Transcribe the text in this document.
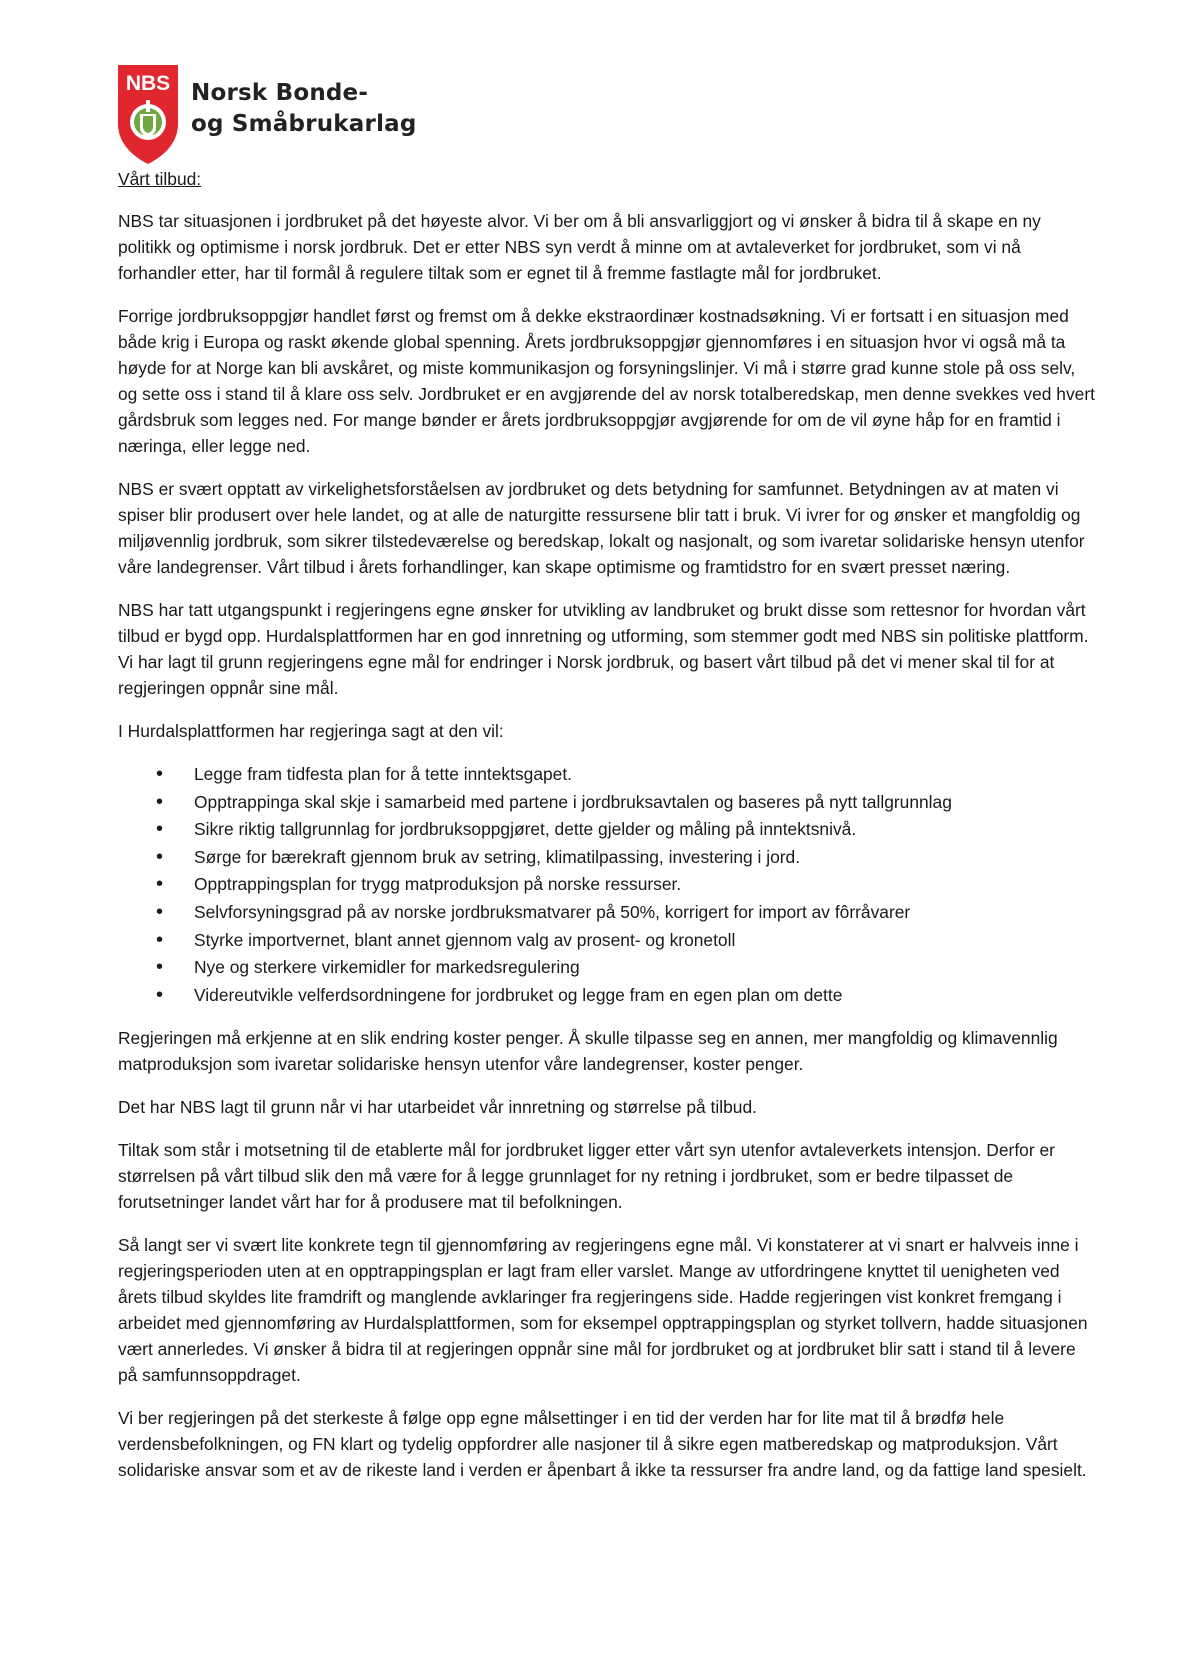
NBS Norsk Bonde-
og Småbrukarlag
Vårt tilbud:

NBS tar situasjonen i jordbruket på det høyeste alvor. Vi ber om å bli ansvarliggjort og vi ønsker å bidra til å skape en ny politikk og optimisme i norsk jordbruk. Det er etter NBS syn verdt å minne om at avtaleverket for jordbruket, som vi nå forhandler etter, har til formål å regulere tiltak som er egnet til å fremme fastlagte mål for jordbruket.

Forrige jordbruksoppgjør handlet først og fremst om å dekke ekstraordinær kostnadsøkning. Vi er fortsatt i en situasjon med både krig i Europa og raskt økende global spenning. Årets jordbruksoppgjør gjennomføres i en situasjon hvor vi også må ta høyde for at Norge kan bli avskåret, og miste kommunikasjon og forsyningslinjer. Vi må i større grad kunne stole på oss selv, og sette oss i stand til å klare oss selv. Jordbruket er en avgjørende del av norsk totalberedskap, men denne svekkes ved hvert gårdsbruk som legges ned. For mange bønder er årets jordbruksoppgjør avgjørende for om de vil øyne håp for en framtid i næringa, eller legge ned.

NBS er svært opptatt av virkelighetsforståelsen av jordbruket og dets betydning for samfunnet. Betydningen av at maten vi spiser blir produsert over hele landet, og at alle de naturgitte ressursene blir tatt i bruk. Vi ivrer for og ønsker et mangfoldig og miljøvennlig jordbruk, som sikrer tilstedeværelse og beredskap, lokalt og nasjonalt, og som ivaretar solidariske hensyn utenfor våre landegrenser. Vårt tilbud i årets forhandlinger, kan skape optimisme og framtidstro for en svært presset næring.

NBS har tatt utgangspunkt i regjeringens egne ønsker for utvikling av landbruket og brukt disse som rettesnor for hvordan vårt tilbud er bygd opp. Hurdalsplattformen har en god innretning og utforming, som stemmer godt med NBS sin politiske plattform. Vi har lagt til grunn regjeringens egne mål for endringer i Norsk jordbruk, og basert vårt tilbud på det vi mener skal til for at regjeringen oppnår sine mål.

I Hurdalsplattformen har regjeringa sagt at den vil:

• Legge fram tidfesta plan for å tette inntektsgapet.
• Opptrappinga skal skje i samarbeid med partene i jordbruksavtalen og baseres på nytt tallgrunnlag
• Sikre riktig tallgrunnlag for jordbruksoppgjøret, dette gjelder og måling på inntektsnivå.
• Sørge for bærekraft gjennom bruk av setring, klimatilpassing, investering i jord.
• Opptrappingsplan for trygg matproduksjon på norske ressurser.
• Selvforsyningsgrad på av norske jordbruksmatvarer på 50%, korrigert for import av fôrråvarer
• Styrke importvernet, blant annet gjennom valg av prosent- og kronetoll
• Nye og sterkere virkemidler for markedsregulering
• Videreutvikle velferdsordningene for jordbruket og legge fram en egen plan om dette

Regjeringen må erkjenne at en slik endring koster penger. Å skulle tilpasse seg en annen, mer mangfoldig og klimavennlig matproduksjon som ivaretar solidariske hensyn utenfor våre landegrenser, koster penger.

Det har NBS lagt til grunn når vi har utarbeidet vår innretning og størrelse på tilbud.

Tiltak som står i motsetning til de etablerte mål for jordbruket ligger etter vårt syn utenfor avtaleverkets intensjon. Derfor er størrelsen på vårt tilbud slik den må være for å legge grunnlaget for ny retning i jordbruket, som er bedre tilpasset de forutsetninger landet vårt har for å produsere mat til befolkningen.

Så langt ser vi svært lite konkrete tegn til gjennomføring av regjeringens egne mål. Vi konstaterer at vi snart er halvveis inne i regjeringsperioden uten at en opptrappingsplan er lagt fram eller varslet. Mange av utfordringene knyttet til uenigheten ved årets tilbud skyldes lite framdrift og manglende avklaringer fra regjeringens side. Hadde regjeringen vist konkret fremgang i arbeidet med gjennomføring av Hurdalsplattformen, som for eksempel opptrappingsplan og styrket tollvern, hadde situasjonen vært annerledes. Vi ønsker å bidra til at regjeringen oppnår sine mål for jordbruket og at jordbruket blir satt i stand til å levere på samfunnsoppdraget.

Vi ber regjeringen på det sterkeste å følge opp egne målsettinger i en tid der verden har for lite mat til å brødfø hele verdensbefolkningen, og FN klart og tydelig oppfordrer alle nasjoner til å sikre egen matberedskap og matproduksjon. Vårt solidariske ansvar som et av de rikeste land i verden er åpenbart å ikke ta ressurser fra andre land, og da fattige land spesielt.
